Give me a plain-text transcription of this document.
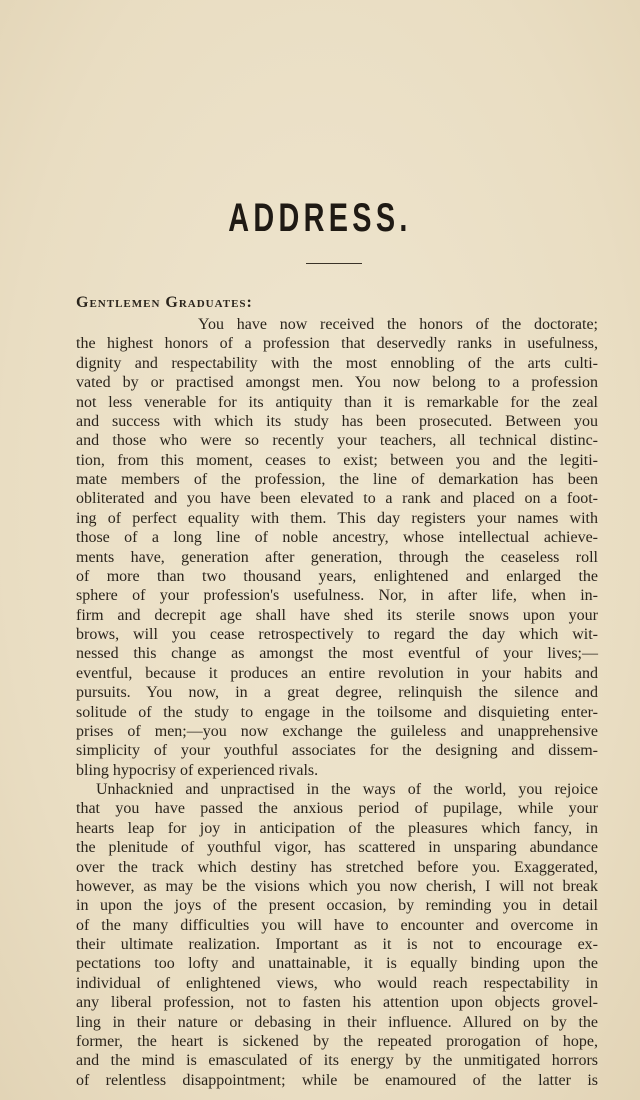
ADDRESS.
Gentlemen Graduates:
You have now received the honors of the doctorate;
the highest honors of a profession that deservedly ranks in usefulness,
dignity and respectability with the most ennobling of the arts culti-
vated by or practised amongst men. You now belong to a profession
not less venerable for its antiquity than it is remarkable for the zeal
and success with which its study has been prosecuted. Between you
and those who were so recently your teachers, all technical distinc-
tion, from this moment, ceases to exist; between you and the legiti-
mate members of the profession, the line of demarkation has been
obliterated and you have been elevated to a rank and placed on a foot-
ing of perfect equality with them. This day registers your names with
those of a long line of noble ancestry, whose intellectual achieve-
ments have, generation after generation, through the ceaseless roll
of more than two thousand years, enlightened and enlarged the
sphere of your profession's usefulness. Nor, in after life, when in-
firm and decrepit age shall have shed its sterile snows upon your
brows, will you cease retrospectively to regard the day which wit-
nessed this change as amongst the most eventful of your lives;—
eventful, because it produces an entire revolution in your habits and
pursuits. You now, in a great degree, relinquish the silence and
solitude of the study to engage in the toilsome and disquieting enter-
prises of men;—you now exchange the guileless and unapprehensive
simplicity of your youthful associates for the designing and dissem-
bling hypocrisy of experienced rivals.
Unhacknied and unpractised in the ways of the world, you rejoice
that you have passed the anxious period of pupilage, while your
hearts leap for joy in anticipation of the pleasures which fancy, in
the plenitude of youthful vigor, has scattered in unsparing abundance
over the track which destiny has stretched before you. Exaggerated,
however, as may be the visions which you now cherish, I will not break
in upon the joys of the present occasion, by reminding you in detail
of the many difficulties you will have to encounter and overcome in
their ultimate realization. Important as it is not to encourage ex-
pectations too lofty and unattainable, it is equally binding upon the
individual of enlightened views, who would reach respectability in
any liberal profession, not to fasten his attention upon objects grovel-
ling in their nature or debasing in their influence. Allured on by the
former, the heart is sickened by the repeated prorogation of hope,
and the mind is emasculated of its energy by the unmitigated horrors
of relentless disappointment; while be enamoured of the latter is
